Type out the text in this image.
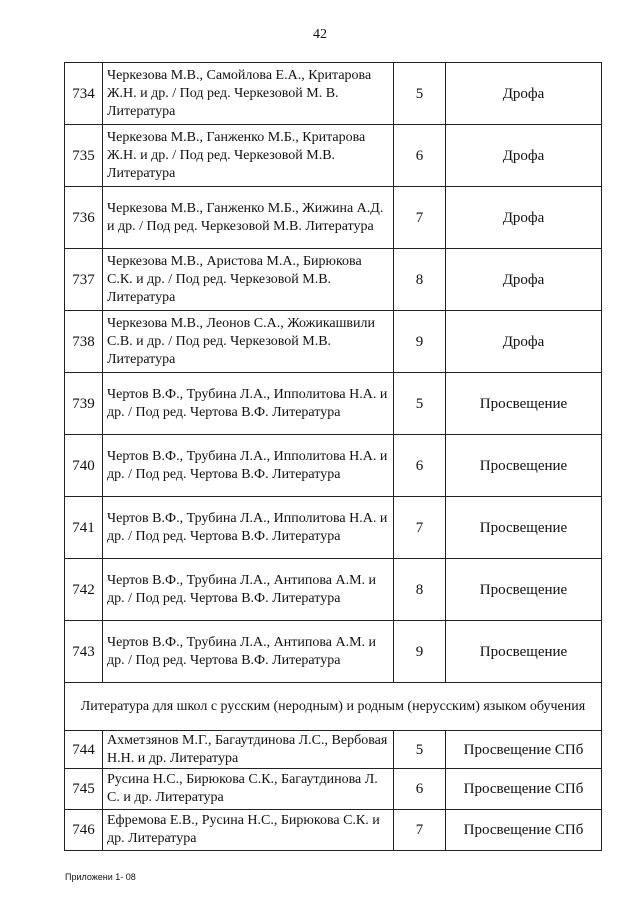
42
734	Черкезова М.В., Самойлова Е.А., Критарова Ж.Н. и др. / Под ред. Черкезовой М. В. Литература	5	Дрофа
735	Черкезова М.В., Ганженко М.Б., Критарова Ж.Н. и др. / Под ред. Черкезовой М.В. Литература	6	Дрофа
736	Черкезова М.В., Ганженко М.Б., Жижина А.Д. и др. / Под ред. Черкезовой М.В. Литература	7	Дрофа
737	Черкезова М.В., Аристова М.А., Бирюкова С.К. и др. / Под ред. Черкезовой М.В. Литература	8	Дрофа
738	Черкезова М.В., Леонов С.А., Жожикашвили С.В. и др. / Под ред. Черкезовой М.В. Литература	9	Дрофа
739	Чертов В.Ф., Трубина Л.А., Ипполитова Н.А. и др. / Под ред. Чертова В.Ф. Литература	5	Просвещение
740	Чертов В.Ф., Трубина Л.А., Ипполитова Н.А. и др. / Под ред. Чертова В.Ф. Литература	6	Просвещение
741	Чертов В.Ф., Трубина Л.А., Ипполитова Н.А. и др. / Под ред. Чертова В.Ф. Литература	7	Просвещение
742	Чертов В.Ф., Трубина Л.А., Антипова А.М. и др. / Под ред. Чертова В.Ф. Литература	8	Просвещение
743	Чертов В.Ф., Трубина Л.А., Антипова А.М. и др. / Под ред. Чертова В.Ф. Литература	9	Просвещение
Литература для школ с русским (неродным) и родным (нерусским) языком обучения			
744	Ахметзянов М.Г., Багаутдинова Л.С., Вербовая Н.Н. и др. Литература	5	Просвещение СПб
745	Русина Н.С., Бирюкова С.К., Багаутдинова Л. С. и др. Литература	6	Просвещение СПб
746	Ефремова Е.В., Русина Н.С., Бирюкова С.К. и др. Литература	7	Просвещение СПб
Приложени 1- 08
